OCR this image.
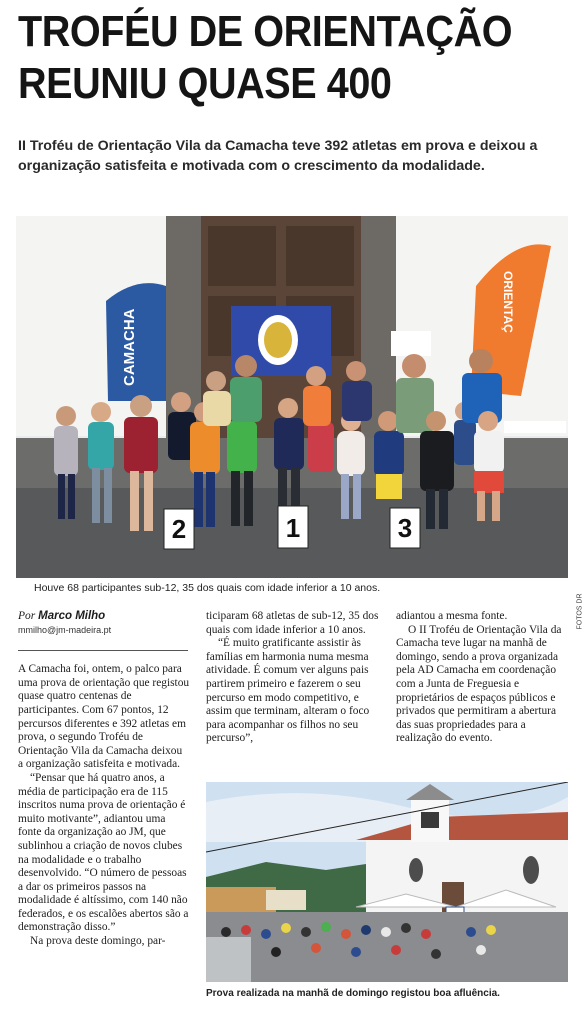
TROFÉU DE ORIENTAÇÃO
REUNIU QUASE 400

II Troféu de Orientação Vila da Camacha teve 392 atletas em prova e deixou a organização satisfeita e motivada com o crescimento da modalidade.

CAMACHA
ORIENTAÇ
2	1	3
Houve 68 participantes sub-12, 35 dos quais com idade inferior a 10 anos.
FOTOS DR

Por Marco Milho

mmilho@jm-madeira.pt

A Camacha foi, ontem, o palco para uma prova de orientação que registou quase quatro centenas de participantes. Com 67 pontos, 12 percursos diferentes e 392 atletas em prova, o segundo Troféu de Orientação Vila da Camacha deixou a organização satisfeita e motivada.

“Pensar que há quatro anos, a média de participação era de 115 inscritos numa prova de orientação é muito motivante”, adiantou uma fonte da organização ao JM, que sublinhou a criação de novos clubes na modalidade e o trabalho desenvolvido. “O número de pessoas a dar os primeiros passos na modalidade é altíssimo, com 140 não federados, e os escalões abertos são a demonstração disso.”

Na prova deste domingo, par-

ticiparam 68 atletas de sub-12, 35 dos quais com idade inferior a 10 anos.

“É muito gratificante assistir às famílias em harmonia numa mesma atividade. É comum ver alguns pais partirem primeiro e fazerem o seu percurso em modo competitivo, e assim que terminam, alteram o foco para acompanhar os filhos no seu percurso”,

adiantou a mesma fonte.

O II Troféu de Orientação Vila da Camacha teve lugar na manhã de domingo, sendo a prova organizada pela AD Camacha em coordenação com a Junta de Freguesia e proprietários de espaços públicos e privados que permitiram a abertura das suas propriedades para a realização do evento.

Prova realizada na manhã de domingo registou boa afluência.
